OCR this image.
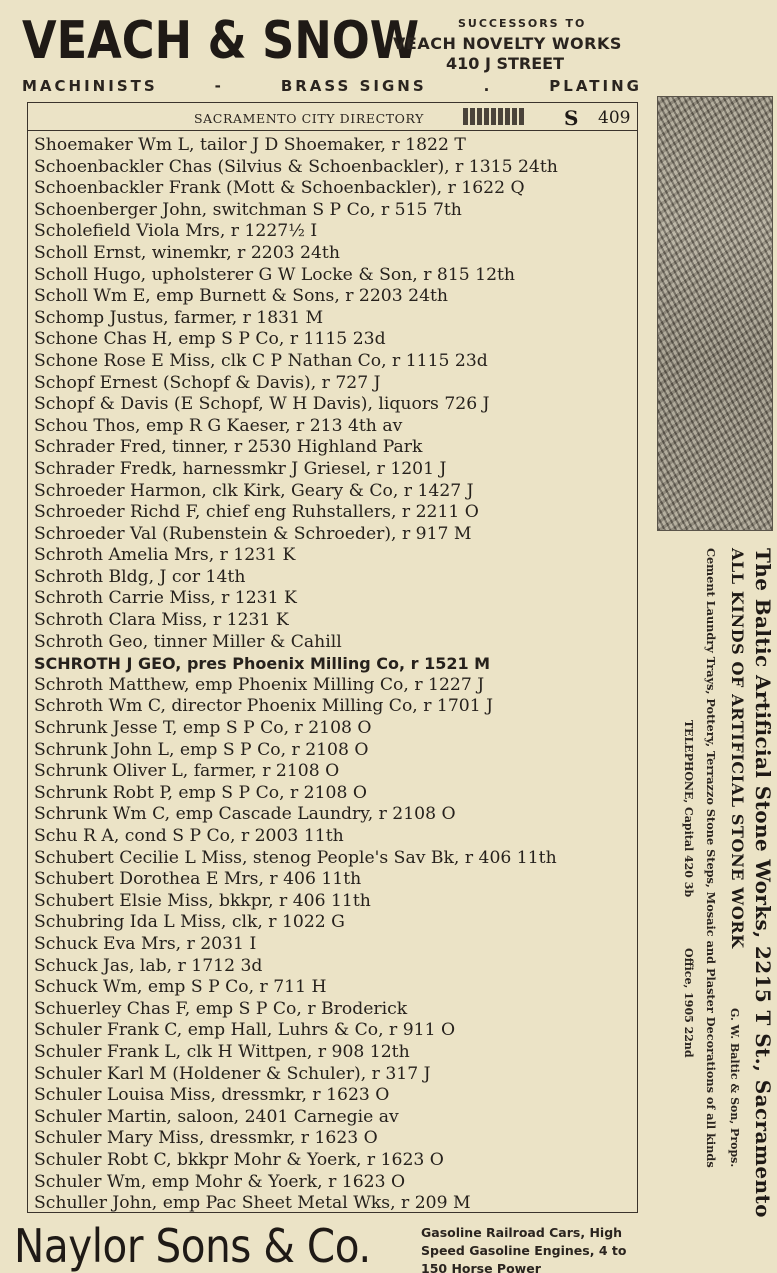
VEACH & SNOW	SUCCESSORS TO
VEACH NOVELTY WORKS
410 J STREET
MACHINISTS	-	BRASS SIGNS	.	PLATING
SACRAMENTO CITY DIRECTORY	S 409
Shoemaker Wm L, tailor J D Shoemaker, r 1822 T
Schoenbackler Chas (Silvius & Schoenbackler), r 1315 24th
Schoenbackler Frank (Mott & Schoenbackler), r 1622 Q
Schoenberger John, switchman S P Co, r 515 7th
Scholefield Viola Mrs, r 1227½ I
Scholl Ernst, winemkr, r 2203 24th
Scholl Hugo, upholsterer G W Locke & Son, r 815 12th
Scholl Wm E, emp Burnett & Sons, r 2203 24th
Schomp Justus, farmer, r 1831 M
Schone Chas H, emp S P Co, r 1115 23d
Schone Rose E Miss, clk C P Nathan Co, r 1115 23d
Schopf Ernest (Schopf & Davis), r 727 J
Schopf & Davis (E Schopf, W H Davis), liquors 726 J
Schou Thos, emp R G Kaeser, r 213 4th av
Schrader Fred, tinner, r 2530 Highland Park
Schrader Fredk, harnessmkr J Griesel, r 1201 J
Schroeder Harmon, clk Kirk, Geary & Co, r 1427 J
Schroeder Richd F, chief eng Ruhstallers, r 2211 O
Schroeder Val (Rubenstein & Schroeder), r 917 M
Schroth Amelia Mrs, r 1231 K
Schroth Bldg, J cor 14th
Schroth Carrie Miss, r 1231 K
Schroth Clara Miss, r 1231 K
Schroth Geo, tinner Miller & Cahill
SCHROTH J GEO, pres Phoenix Milling Co, r 1521 M
Schroth Matthew, emp Phoenix Milling Co, r 1227 J
Schroth Wm C, director Phoenix Milling Co, r 1701 J
Schrunk Jesse T, emp S P Co, r 2108 O
Schrunk John L, emp S P Co, r 2108 O
Schrunk Oliver L, farmer, r 2108 O
Schrunk Robt P, emp S P Co, r 2108 O
Schrunk Wm C, emp Cascade Laundry, r 2108 O
Schu R A, cond S P Co, r 2003 11th
Schubert Cecilie L Miss, stenog People's Sav Bk, r 406 11th
Schubert Dorothea E Mrs, r 406 11th
Schubert Elsie Miss, bkkpr, r 406 11th
Schubring Ida L Miss, clk, r 1022 G
Schuck Eva Mrs, r 2031 I
Schuck Jas, lab, r 1712 3d
Schuck Wm, emp S P Co, r 711 H
Schuerley Chas F, emp S P Co, r Broderick
Schuler Frank C, emp Hall, Luhrs & Co, r 911 O
Schuler Frank L, clk H Wittpen, r 908 12th
Schuler Karl M (Holdener & Schuler), r 317 J
Schuler Louisa Miss, dressmkr, r 1623 O
Schuler Martin, saloon, 2401 Carnegie av
Schuler Mary Miss, dressmkr, r 1623 O
Schuler Robt C, bkkpr Mohr & Yoerk, r 1623 O
Schuler Wm, emp Mohr & Yoerk, r 1623 O
Schuller John, emp Pac Sheet Metal Wks, r 209 M	The Baltic Artificial Stone Works, 2215 T St., Sacramento
ALL KINDS OF ARTIFICIAL STONE WORK
G. W. Baltic & Son, Props.
Cement Laundry Trays, Pottery, Terrazzo Stone Steps, Mosaic and Plaster Decorations of all kinds
TELEPHONE, Capital 420 3b
Office, 1905 22nd
Naylor Sons & Co.	Gasoline Railroad Cars, High
Speed Gasoline Engines, 4 to
150 Horse Power
